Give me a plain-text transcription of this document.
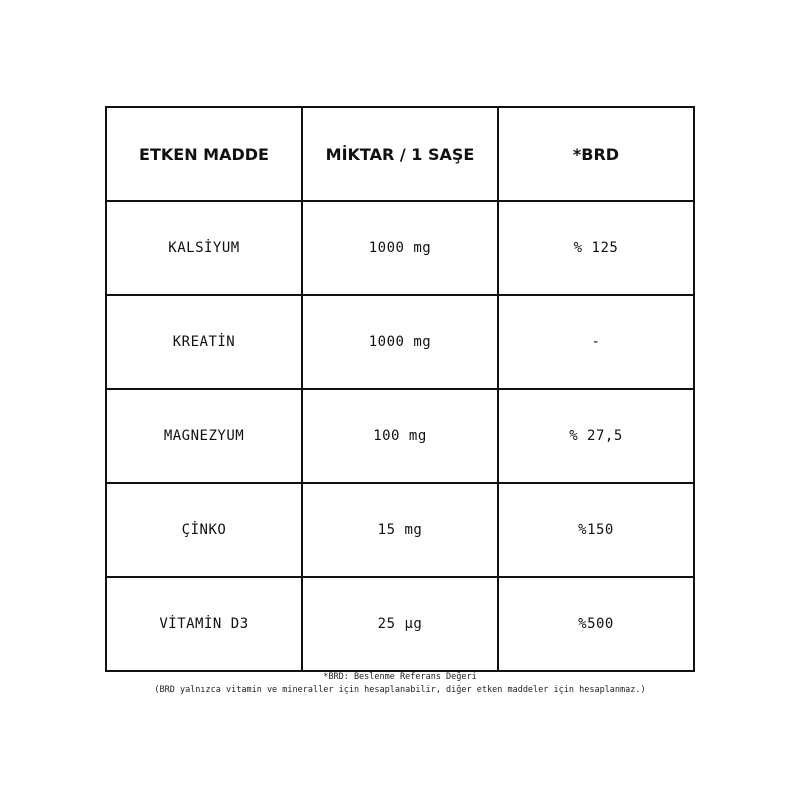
ETKEN MADDE	MİKTAR / 1 SAŞE	*BRD
KALSİYUM	1000 mg	% 125
KREATİN	1000 mg	-
MAGNEZYUM	100 mg	% 27,5
ÇİNKO	15 mg	%150
VİTAMİN D3	25 µg	%500
*BRD: Beslenme Referans Değeri
(BRD yalnızca vitamin ve mineraller için hesaplanabilir, diğer etken maddeler için hesaplanmaz.)
